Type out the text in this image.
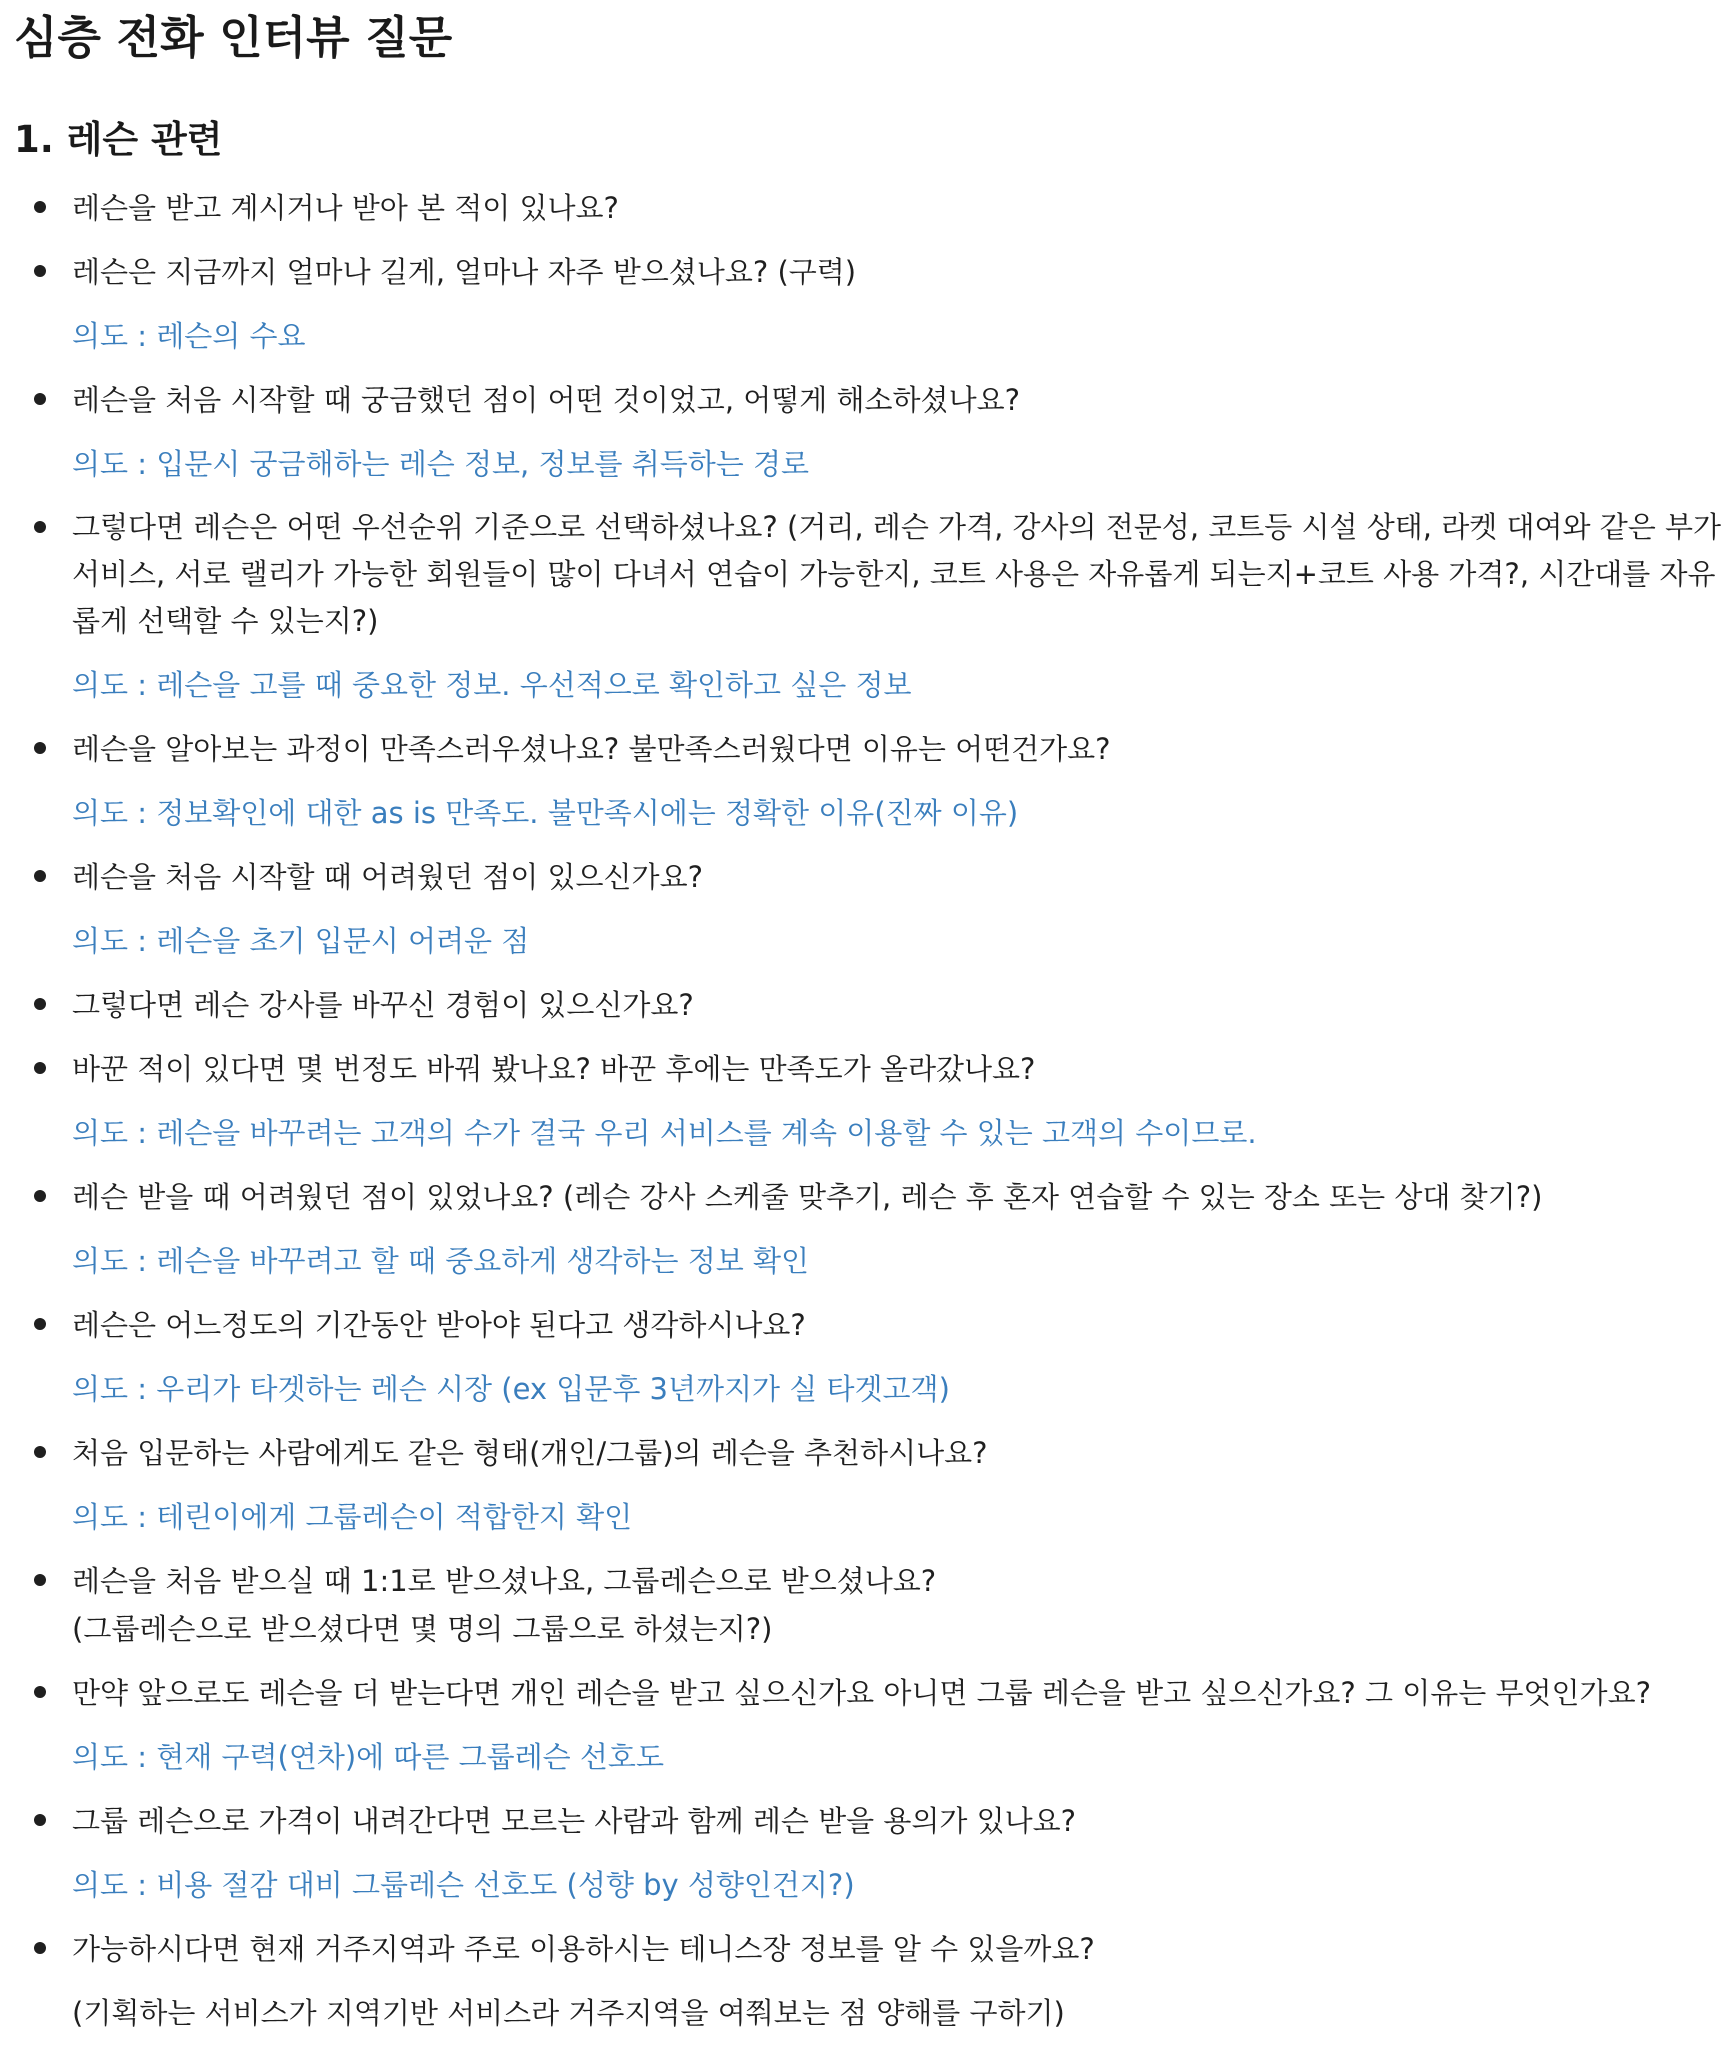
심층 전화 인터뷰 질문
1. 레슨 관련
레슨을 받고 계시거나 받아 본 적이 있나요?
레슨은 지금까지 얼마나 길게, 얼마나 자주 받으셨나요? (구력)
의도 : 레슨의 수요
레슨을 처음 시작할 때 궁금했던 점이 어떤 것이었고, 어떻게 해소하셨나요?
의도 : 입문시 궁금해하는 레슨 정보, 정보를 취득하는 경로
그렇다면 레슨은 어떤 우선순위 기준으로 선택하셨나요? (거리, 레슨 가격, 강사의 전문성, 코트등 시설 상태, 라켓 대여와 같은 부가 서비스, 서로 랠리가 가능한 회원들이 많이 다녀서 연습이 가능한지, 코트 사용은 자유롭게 되는지+코트 사용 가격?, 시간대를 자유롭게 선택할 수 있는지?)
의도 : 레슨을 고를 때 중요한 정보. 우선적으로 확인하고 싶은 정보
레슨을 알아보는 과정이 만족스러우셨나요? 불만족스러웠다면 이유는 어떤건가요?
의도 : 정보확인에 대한 as is 만족도. 불만족시에는 정확한 이유(진짜 이유)
레슨을 처음 시작할 때 어려웠던 점이 있으신가요?
의도 : 레슨을 초기 입문시 어려운 점
그렇다면 레슨 강사를 바꾸신 경험이 있으신가요?
바꾼 적이 있다면 몇 번정도 바꿔 봤나요? 바꾼 후에는 만족도가 올라갔나요?
의도 : 레슨을 바꾸려는 고객의 수가 결국 우리 서비스를 계속 이용할 수 있는 고객의 수이므로.
레슨 받을 때 어려웠던 점이 있었나요? (레슨 강사 스케줄 맞추기, 레슨 후 혼자 연습할 수 있는 장소 또는 상대 찾기?)
의도 : 레슨을 바꾸려고 할 때 중요하게 생각하는 정보 확인
레슨은 어느정도의 기간동안 받아야 된다고 생각하시나요?
의도 : 우리가 타겟하는 레슨 시장 (ex 입문후 3년까지가 실 타겟고객)
처음 입문하는 사람에게도 같은 형태(개인/그룹)의 레슨을 추천하시나요?
의도 : 테린이에게 그룹레슨이 적합한지 확인
레슨을 처음 받으실 때 1:1로 받으셨나요, 그룹레슨으로 받으셨나요?
(그룹레슨으로 받으셨다면 몇 명의 그룹으로 하셨는지?)
만약 앞으로도 레슨을 더 받는다면 개인 레슨을 받고 싶으신가요 아니면 그룹 레슨을 받고 싶으신가요? 그 이유는 무엇인가요?
의도 : 현재 구력(연차)에 따른 그룹레슨 선호도
그룹 레슨으로 가격이 내려간다면 모르는 사람과 함께 레슨 받을 용의가 있나요?
의도 : 비용 절감 대비 그룹레슨 선호도 (성향 by 성향인건지?)
가능하시다면 현재 거주지역과 주로 이용하시는 테니스장 정보를 알 수 있을까요?
(기획하는 서비스가 지역기반 서비스라 거주지역을 여쭤보는 점 양해를 구하기)
